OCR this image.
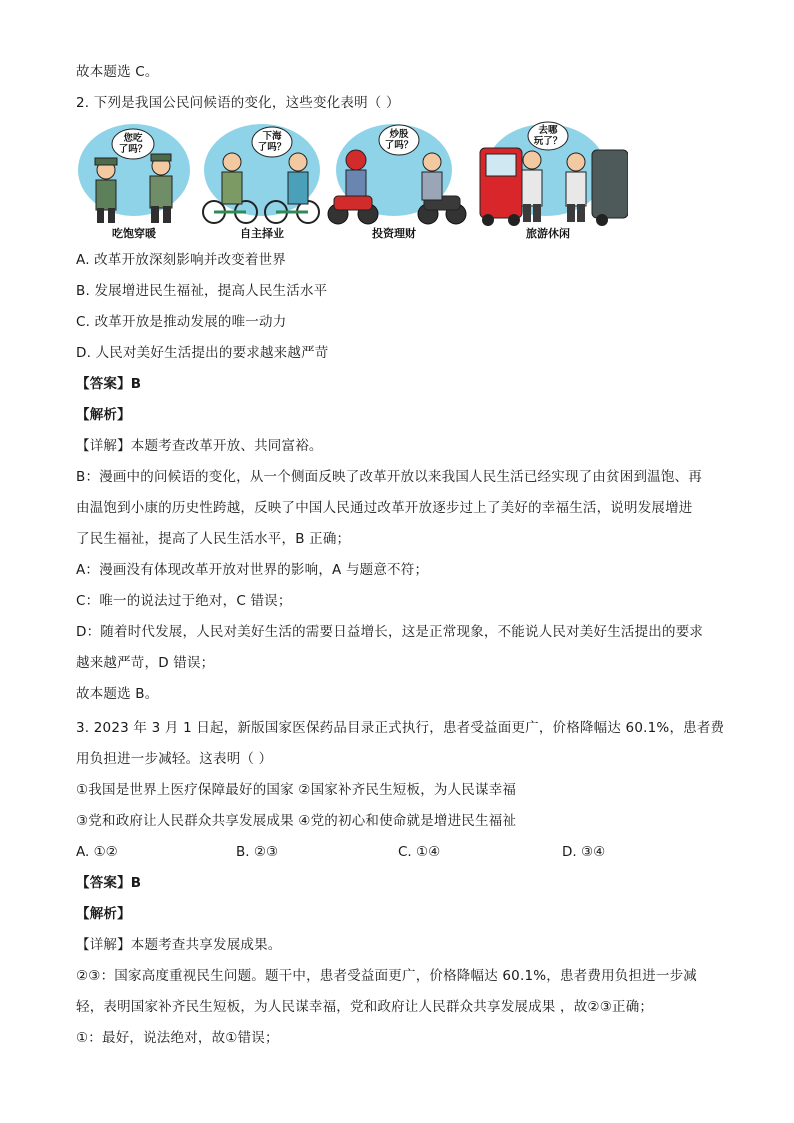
故本题选 C。
2. 下列是我国公民问候语的变化，这些变化表明（ ）
您吃
了吗？
吃饱穿暖
下海
了吗？
自主择业
炒股
了吗？
投资理财
去哪
玩了？
旅游休闲
A. 改革开放深刻影响并改变着世界
B. 发展增进民生福祉，提高人民生活水平
C. 改革开放是推动发展的唯一动力
D. 人民对美好生活提出的要求越来越严苛
【答案】B
【解析】
【详解】本题考查改革开放、共同富裕。
B：漫画中的问候语的变化，从一个侧面反映了改革开放以来我国人民生活已经实现了由贫困到温饱、再
由温饱到小康的历史性跨越，反映了中国人民通过改革开放逐步过上了美好的幸福生活，说明发展增进
了民生福祉，提高了人民生活水平，B 正确；
A：漫画没有体现改革开放对世界的影响，A 与题意不符；
C：唯一的说法过于绝对，C 错误；
D：随着时代发展，人民对美好生活的需要日益增长，这是正常现象，不能说人民对美好生活提出的要求
越来越严苛，D 错误；
故本题选 B。
3. 2023 年 3 月 1 日起，新版国家医保药品目录正式执行，患者受益面更广，价格降幅达 60.1%，患者费
用负担进一步减轻。这表明（ ）
①我国是世界上医疗保障最好的国家 ②国家补齐民生短板，为人民谋幸福
③党和政府让人民群众共享发展成果 ④党的初心和使命就是增进民生福祉
A. ①②	B. ②③	C. ①④	D. ③④
【答案】B
【解析】
【详解】本题考查共享发展成果。
②③：国家高度重视民生问题。题干中，患者受益面更广，价格降幅达 60.1%，患者费用负担进一步减
轻，表明国家补齐民生短板，为人民谋幸福，党和政府让人民群众共享发展成果 ，故②③正确；
①：最好，说法绝对，故①错误；
